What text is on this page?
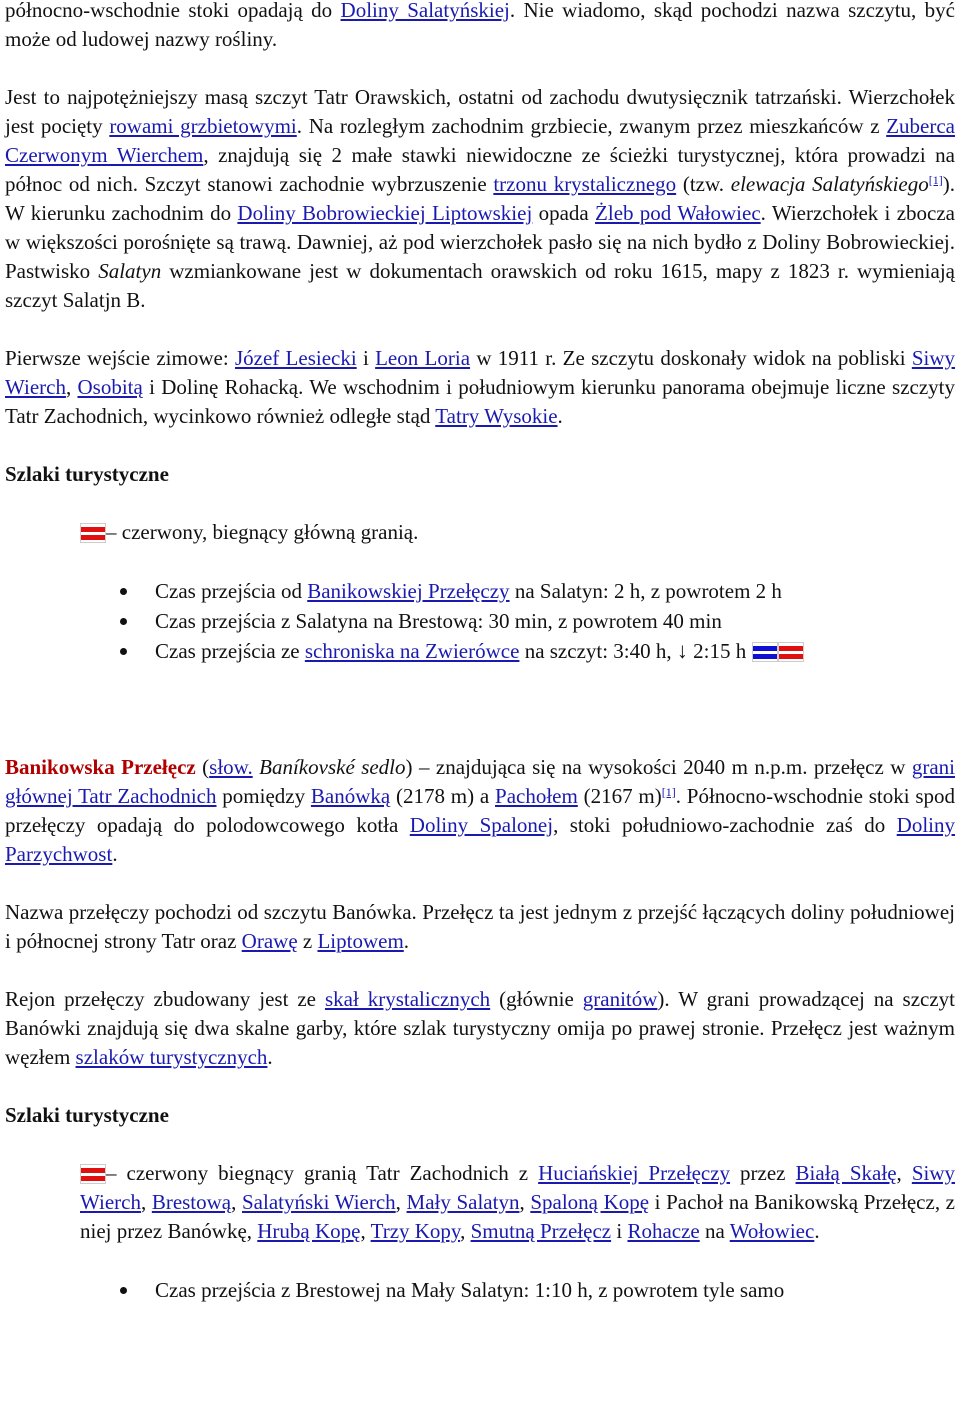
północno-wschodnie stoki opadają do Doliny Salatyńskiej. Nie wiadomo, skąd pochodzi nazwa szczytu, być może od ludowej nazwy rośliny.

Jest to najpotężniejszy masą szczyt Tatr Orawskich, ostatni od zachodu dwutysięcznik tatrzański. Wierzchołek jest pocięty rowami grzbietowymi. Na rozległym zachodnim grzbiecie, zwanym przez mieszkańców z Zuberca Czerwonym Wierchem, znajdują się 2 małe stawki niewidoczne ze ścieżki turystycznej, która prowadzi na północ od nich. Szczyt stanowi zachodnie wybrzuszenie trzonu krystalicznego (tzw. elewacja Salatyńskiego[1]). W kierunku zachodnim do Doliny Bobrowieckiej Liptowskiej opada Żleb pod Wałowiec. Wierzchołek i zbocza w większości porośnięte są trawą. Dawniej, aż pod wierzchołek pasło się na nich bydło z Doliny Bobrowieckiej. Pastwisko Salatyn wzmiankowane jest w dokumentach orawskich od roku 1615, mapy z 1823 r. wymieniają szczyt Salatjn B.

Pierwsze wejście zimowe: Józef Lesiecki i Leon Loria w 1911 r. Ze szczytu doskonały widok na pobliski Siwy Wierch, Osobitą i Dolinę Rohacką. We wschodnim i południowym kierunku panorama obejmuje liczne szczyty Tatr Zachodnich, wycinkowo również odległe stąd Tatry Wysokie.

Szlaki turystyczne

– czerwony, biegnący główną granią.

Czas przejścia od Banikowskiej Przełęczy na Salatyn: 2 h, z powrotem 2 h
Czas przejścia z Salatyna na Brestową: 30 min, z powrotem 40 min
Czas przejścia ze schroniska na Zwierówce na szczyt: 3:40 h, ↓ 2:15 h

Banikowska Przełęcz (słow. Baníkovské sedlo) – znajdująca się na wysokości 2040 m n.p.m. przełęcz w grani głównej Tatr Zachodnich pomiędzy Banówką (2178 m) a Pachołem (2167 m)[1]. Północno-wschodnie stoki spod przełęczy opadają do polodowcowego kotła Doliny Spalonej, stoki południowo-zachodnie zaś do Doliny Parzychwost.

Nazwa przełęczy pochodzi od szczytu Banówka. Przełęcz ta jest jednym z przejść łączących doliny południowej i północnej strony Tatr oraz Orawę z Liptowem.

Rejon przełęczy zbudowany jest ze skał krystalicznych (głównie granitów). W grani prowadzącej na szczyt Banówki znajdują się dwa skalne garby, które szlak turystyczny omija po prawej stronie. Przełęcz jest ważnym węzłem szlaków turystycznych.

Szlaki turystyczne

– czerwony biegnący granią Tatr Zachodnich z Huciańskiej Przełęczy przez Białą Skałę, Siwy Wierch, Brestową, Salatyński Wierch, Mały Salatyn, Spaloną Kopę i Pachoł na Banikowską Przełęcz, z niej przez Banówkę, Hrubą Kopę, Trzy Kopy, Smutną Przełęcz i Rohacze na Wołowiec.

Czas przejścia z Brestowej na Mały Salatyn: 1:10 h, z powrotem tyle samo
